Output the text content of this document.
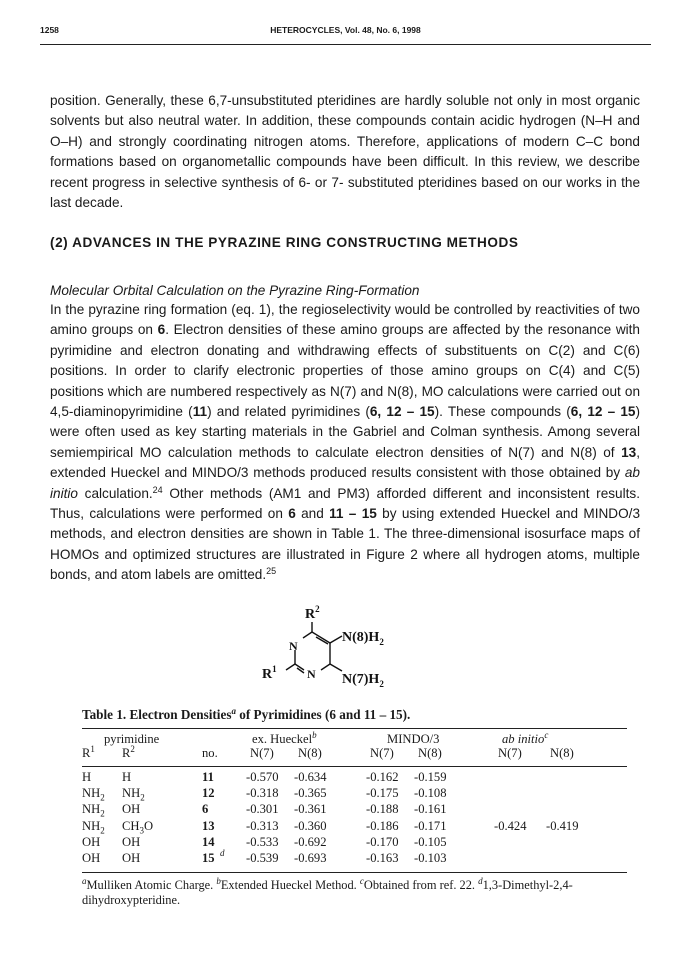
1258	HETEROCYCLES, Vol. 48, No. 6, 1998
position. Generally, these 6,7-unsubstituted pteridines are hardly soluble not only in most organic solvents but also neutral water. In addition, these compounds contain acidic hydrogen (N–H and O–H) and strongly coordinating nitrogen atoms. Therefore, applications of modern C–C bond formations based on organometallic compounds have been difficult. In this review, we describe recent progress in selective synthesis of 6- or 7- substituted pteridines based on our works in the last decade.
(2) ADVANCES IN THE PYRAZINE RING CONSTRUCTING METHODS
Molecular Orbital Calculation on the Pyrazine Ring-Formation
In the pyrazine ring formation (eq. 1), the regioselectivity would be controlled by reactivities of two amino groups on 6. Electron densities of these amino groups are affected by the resonance with pyrimidine and electron donating and withdrawing effects of substituents on C(2) and C(6) positions. In order to clarify electronic properties of those amino groups on C(4) and C(5) positions which are numbered respectively as N(7) and N(8), MO calculations were carried out on 4,5-diaminopyrimidine (11) and related pyrimidines (6, 12 – 15). These compounds (6, 12 – 15) were often used as key starting materials in the Gabriel and Colman synthesis. Among several semiempirical MO calculation methods to calculate electron densities of N(7) and N(8) of 13, extended Hueckel and MINDO/3 methods produced results consistent with those obtained by ab initio calculation.$^{24}$ Other methods (AM1 and PM3) afforded different and inconsistent results. Thus, calculations were performed on 6 and 11 – 15 by using extended Hueckel and MINDO/3 methods, and electron densities are shown in Table 1. The three-dimensional isosurface maps of HOMOs and optimized structures are illustrated in Figure 2 where all hydrogen atoms, multiple bonds, and atom labels are omitted.$^{25}$
$R^2$
N
$N(8)H_2$
N
$R^1$
$N(7)H_2$
Table 1. Electron Densities$^a$ of Pyrimidines (6 and 11 – 15).
pyrimidine	ex. Hueckel$^b$	MINDO/3	ab initio$^c$
$R^1$ $R^2$	no.	N(7) N(8)	N(7) N(8)	N(7) N(8)
H H	11	-0.570 -0.634	-0.162 -0.159
$NH_2$ $NH_2$	12 -0.318 -0.365	-0.175 -0.108
$NH_2$ OH	6	-0.301 -0.361	-0.188 -0.161
$NH_2$ $CH_3O$	13 -0.313 -0.360	-0.186 -0.171	-0.424 -0.419
OH OH	14 -0.533 -0.692	-0.170 -0.105
OH OH	15 d -0.539 -0.693	-0.163 -0.103
$^a$Mulliken Atomic Charge. $^b$Extended Hueckel Method. $^c$Obtained from ref. 22. $^d$1,3-Dimethyl-2,4-dihydroxypteridine.
